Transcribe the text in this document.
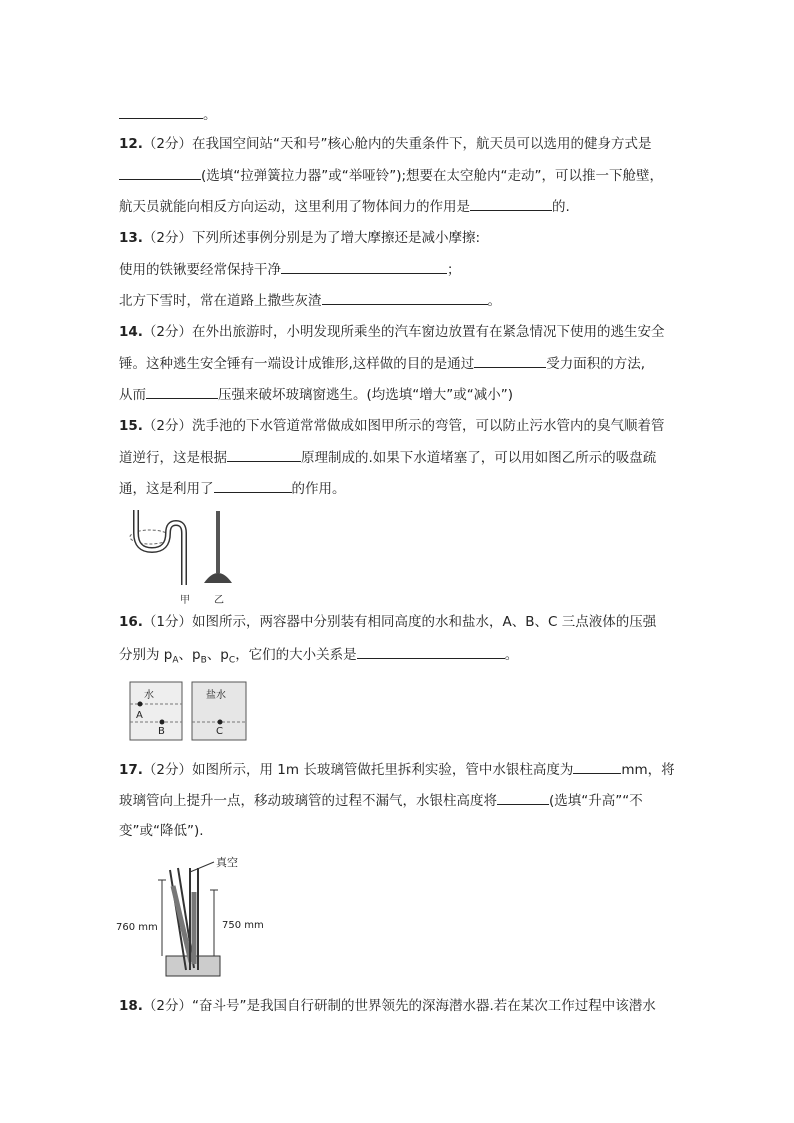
。
12.（2分）在我国空间站“天和号”核心舱内的失重条件下，航天员可以选用的健身方式是
(选填“拉弹簧拉力器”或“举哑铃”);想要在太空舱内“走动”，可以推一下舱壁，
航天员就能向相反方向运动，这里利用了物体间力的作用是	的.
13.（2分）下列所述事例分别是为了增大摩擦还是减小摩擦:
使用的铁锹要经常保持干净	；
北方下雪时，常在道路上撒些灰渣	。
14.（2分）在外出旅游时，小明发现所乘坐的汽车窗边放置有在紧急情况下使用的逃生安全
锤。这种逃生安全锤有一端设计成锥形,这样做的目的是通过	受力面积的方法,
从而	压强来破坏玻璃窗逃生。(均选填“增大”或“减小”)
15.（2分）洗手池的下水管道常常做成如图甲所示的弯管，可以防止污水管内的臭气顺着管
道逆行，这是根据	原理制成的.如果下水道堵塞了，可以用如图乙所示的吸盘疏
通，这是利用了	的作用。
甲 乙
16.（1分）如图所示，两容器中分别装有相同高度的水和盐水，A、B、C 三点液体的压强
分别为 $p_A$、$p_B$、$p_C$，它们的大小关系是	。
水	盐水
A
B	C
17.（2分）如图所示，用 1m 长玻璃管做托里拆利实验，管中水银柱高度为	mm，将
玻璃管向上提升一点，移动玻璃管的过程不漏气，水银柱高度将	(选填“升高”“不
变”或“降低”).
真空
760 mm	750 mm
18.（2分）“奋斗号”是我国自行研制的世界领先的深海潜水器.若在某次工作过程中该潜水
